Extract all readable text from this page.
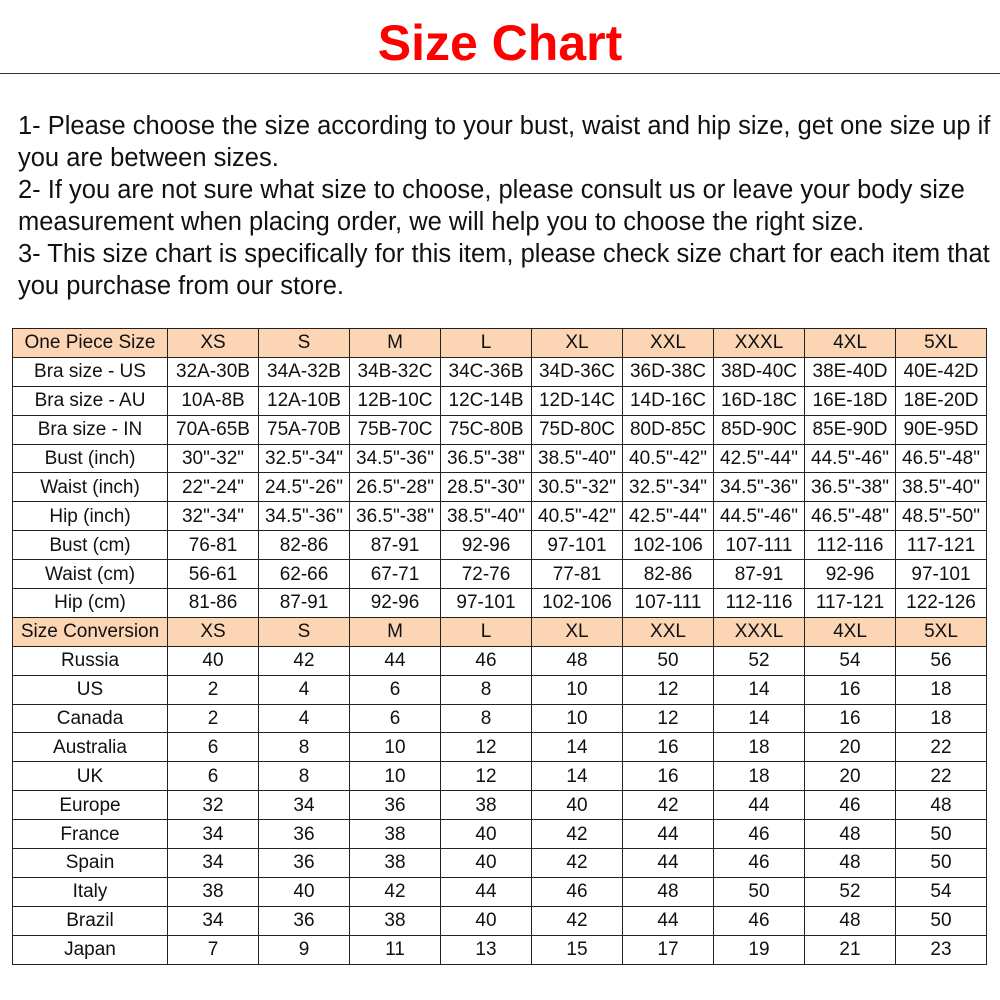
Size Chart

1- Please choose the size according to your bust, waist and hip size, get one size up if you are between sizes.

2- If you are not sure what size to choose, please consult us or leave your body size measurement when placing order, we will help you to choose the right size.

3- This size chart is specifically for this item, please check size chart for each item that you purchase from our store.

One Piece Size	XS	S	M	L	XL	XXL	XXXL	4XL	5XL
Bra size - US	32A-30B	34A-32B	34B-32C	34C-36B	34D-36C	36D-38C	38D-40C	38E-40D	40E-42D
Bra size - AU	10A-8B	12A-10B	12B-10C	12C-14B	12D-14C	14D-16C	16D-18C	16E-18D	18E-20D
Bra size - IN	70A-65B	75A-70B	75B-70C	75C-80B	75D-80C	80D-85C	85D-90C	85E-90D	90E-95D
Bust (inch)	30"-32"	32.5"-34"	34.5"-36"	36.5"-38"	38.5"-40"	40.5"-42"	42.5"-44"	44.5"-46"	46.5"-48"
Waist (inch)	22"-24"	24.5"-26"	26.5"-28"	28.5"-30"	30.5"-32"	32.5"-34"	34.5"-36"	36.5"-38"	38.5"-40"
Hip (inch)	32"-34"	34.5"-36"	36.5"-38"	38.5"-40"	40.5"-42"	42.5"-44"	44.5"-46"	46.5"-48"	48.5"-50"
Bust (cm)	76-81	82-86	87-91	92-96	97-101	102-106	107-111	112-116	117-121
Waist (cm)	56-61	62-66	67-71	72-76	77-81	82-86	87-91	92-96	97-101
Hip (cm)	81-86	87-91	92-96	97-101	102-106	107-111	112-116	117-121	122-126
Size Conversion	XS	S	M	L	XL	XXL	XXXL	4XL	5XL
Russia	40	42	44	46	48	50	52	54	56
US	2	4	6	8	10	12	14	16	18
Canada	2	4	6	8	10	12	14	16	18
Australia	6	8	10	12	14	16	18	20	22
UK	6	8	10	12	14	16	18	20	22
Europe	32	34	36	38	40	42	44	46	48
France	34	36	38	40	42	44	46	48	50
Spain	34	36	38	40	42	44	46	48	50
Italy	38	40	42	44	46	48	50	52	54
Brazil	34	36	38	40	42	44	46	48	50
Japan	7	9	11	13	15	17	19	21	23
